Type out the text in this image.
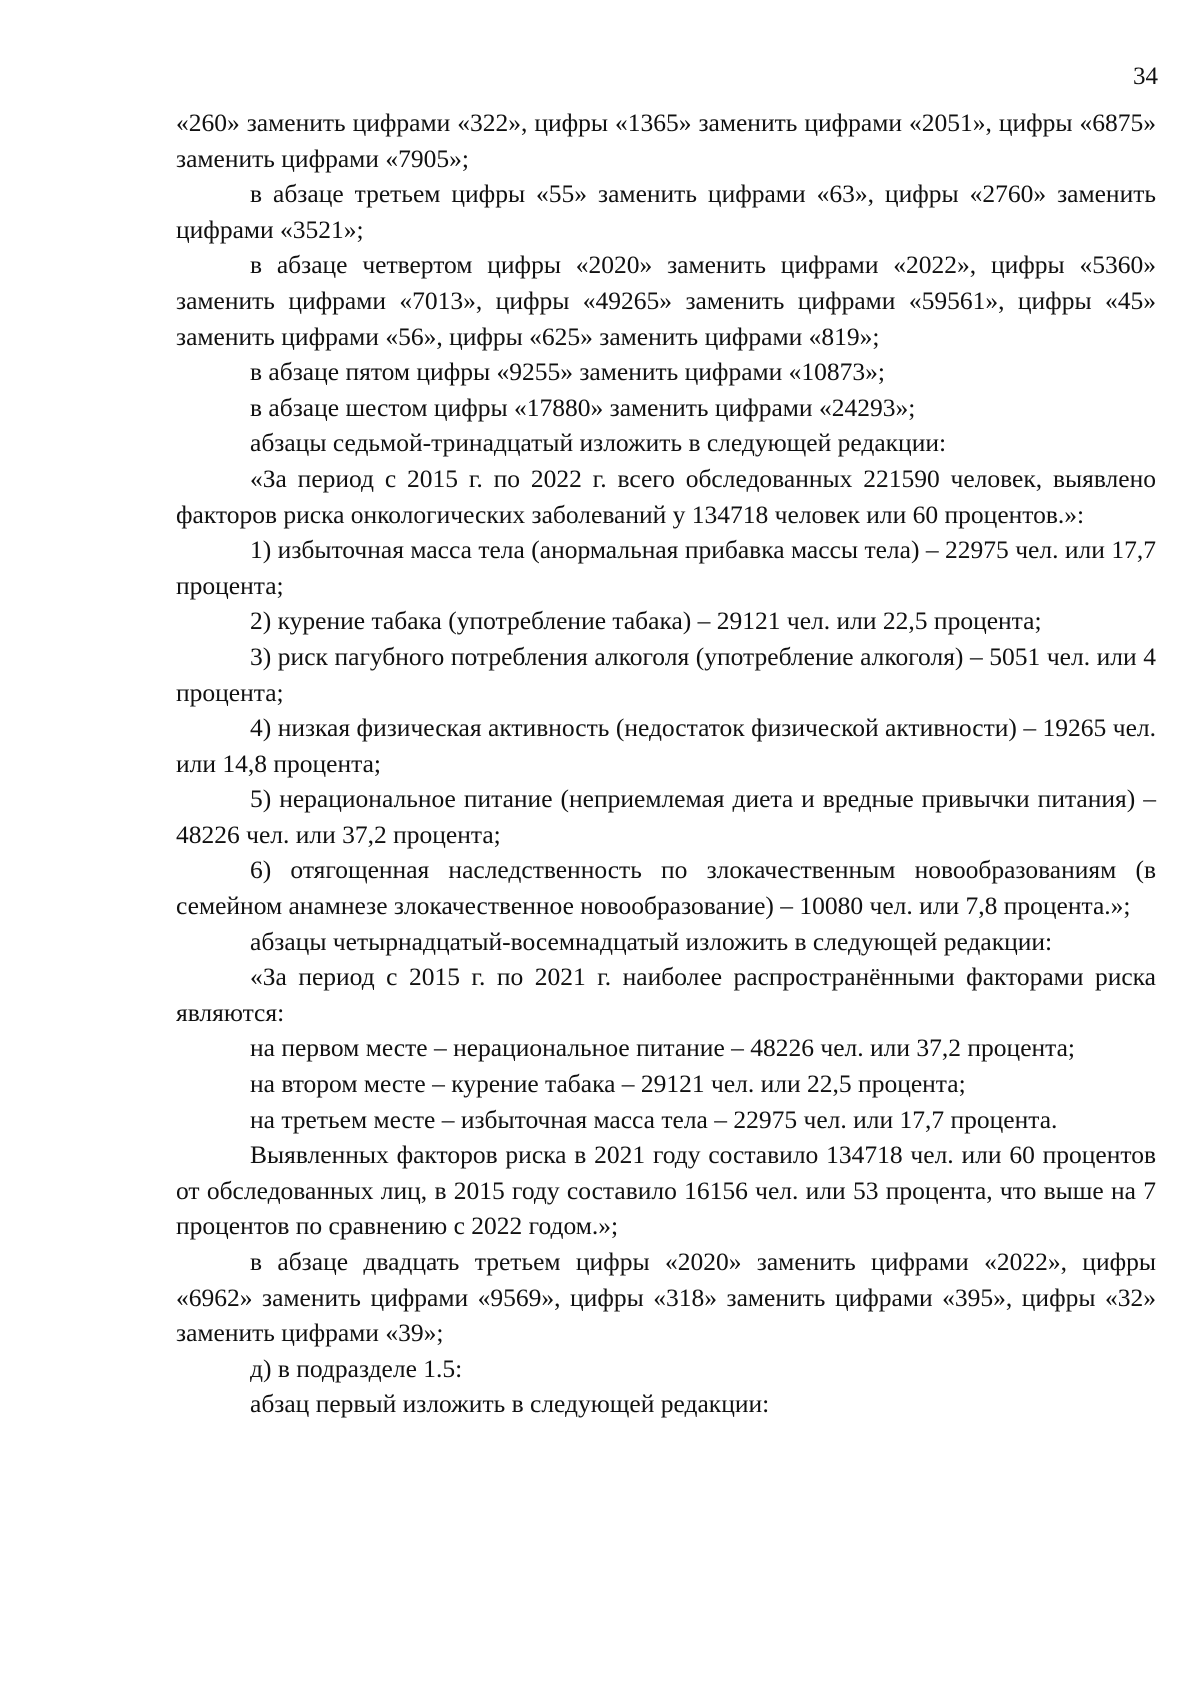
34

«260» заменить цифрами «322», цифры «1365» заменить цифрами «2051», цифры «6875» заменить цифрами «7905»;

в абзаце третьем цифры «55» заменить цифрами «63», цифры «2760» заменить цифрами «3521»;

в абзаце четвертом цифры «2020» заменить цифрами «2022», цифры «5360» заменить цифрами «7013», цифры «49265» заменить цифрами «59561», цифры «45» заменить цифрами «56», цифры «625» заменить цифрами «819»;

в абзаце пятом цифры «9255» заменить цифрами «10873»;

в абзаце шестом цифры «17880» заменить цифрами «24293»;

абзацы седьмой-тринадцатый изложить в следующей редакции:

«За период с 2015 г. по 2022 г. всего обследованных 221590 человек, выявлено факторов риска онкологических заболеваний у 134718 человек или 60 процентов.»:

1) избыточная масса тела (анормальная прибавка массы тела) – 22975 чел. или 17,7 процента;

2) курение табака (употребление табака) – 29121 чел. или 22,5 процента;

3) риск пагубного потребления алкоголя (употребление алкоголя) – 5051 чел. или 4 процента;

4) низкая физическая активность (недостаток физической активности) – 19265 чел. или 14,8 процента;

5) нерациональное питание (неприемлемая диета и вредные привычки питания) – 48226 чел. или 37,2 процента;

6) отягощенная наследственность по злокачественным новообразованиям (в семейном анамнезе злокачественное новообразование) – 10080 чел. или 7,8 процента.»;

абзацы четырнадцатый-восемнадцатый изложить в следующей редакции:

«За период с 2015 г. по 2021 г. наиболее распространёнными факторами риска являются:

на первом месте – нерациональное питание – 48226 чел. или 37,2 процента;

на втором месте – курение табака – 29121 чел. или 22,5 процента;

на третьем месте – избыточная масса тела – 22975 чел. или 17,7 процента.

Выявленных факторов риска в 2021 году составило 134718 чел. или 60 процентов от обследованных лиц, в 2015 году составило 16156 чел. или 53 процента, что выше на 7 процентов по сравнению с 2022 годом.»;

в абзаце двадцать третьем цифры «2020» заменить цифрами «2022», цифры «6962» заменить цифрами «9569», цифры «318» заменить цифрами «395», цифры «32» заменить цифрами «39»;

д) в подразделе 1.5:

абзац первый изложить в следующей редакции:
